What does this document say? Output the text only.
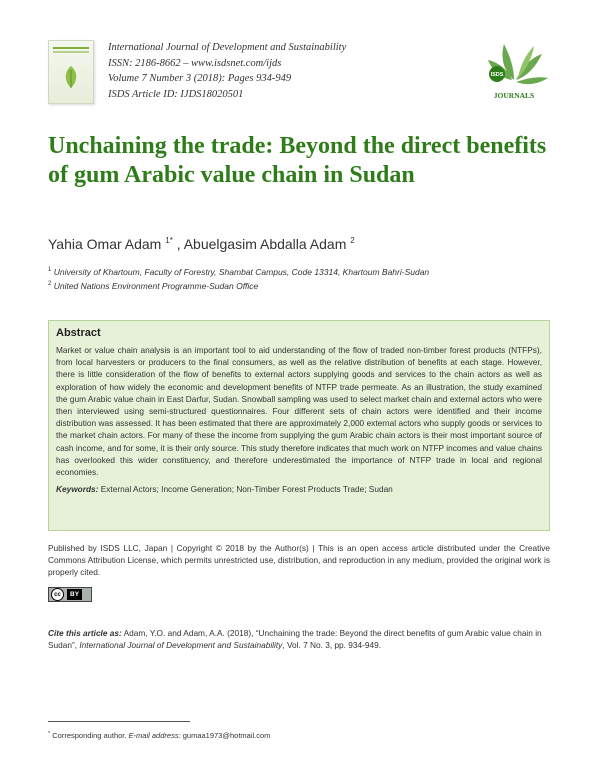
International Journal of Development and Sustainability
ISSN: 2186-8662 – www.isdsnet.com/ijds
Volume 7 Number 3 (2018): Pages 934-949
ISDS Article ID: IJDS18020501
ISDS
JOURNALS
Unchaining the trade: Beyond the direct benefits of gum Arabic value chain in Sudan
Yahia Omar Adam $^{1*}$ , Abuelgasim Abdalla Adam $^2$
$^1$ University of Khartoum, Faculty of Forestry, Shambat Campus, Code 13314, Khartoum Bahri-Sudan
$^2$ United Nations Environment Programme-Sudan Office
Abstract

Market or value chain analysis is an important tool to aid understanding of the flow of traded non-timber forest products (NTFPs), from local harvesters or producers to the final consumers, as well as the relative distribution of benefits at each stage. However, there is little consideration of the flow of benefits to external actors supplying goods and services to the chain actors as well as exploration of how widely the economic and development benefits of NTFP trade permeate. As an illustration, the study examined the gum Arabic value chain in East Darfur, Sudan. Snowball sampling was used to select market chain and external actors who were then interviewed using semi-structured questionnaires. Four different sets of chain actors were identified and their income distribution was assessed. It has been estimated that there are approximately 2,000 external actors who supply goods or services to the market chain actors. For many of these the income from supplying the gum Arabic chain actors is their most important source of cash income, and for some, it is their only source. This study therefore indicates that much work on NTFP incomes and value chains has overlooked this wider constituency, and therefore underestimated the importance of NTFP trade in local and regional economies.

Keywords: External Actors; Income Generation; Non-Timber Forest Products Trade; Sudan

Published by ISDS LLC, Japan | Copyright © 2018 by the Author(s) | This is an open access article distributed under the Creative Commons Attribution License, which permits unrestricted use, distribution, and reproduction in any medium, provided the original work is properly cited.

cc	BY

Cite this article as: Adam, Y.O. and Adam, A.A. (2018), “Unchaining the trade: Beyond the direct benefits of gum Arabic value chain in Sudan”, International Journal of Development and Sustainability, Vol. 7 No. 3, pp. 934-949.

* Corresponding author. E-mail address: gumaa1973@hotmail.com
